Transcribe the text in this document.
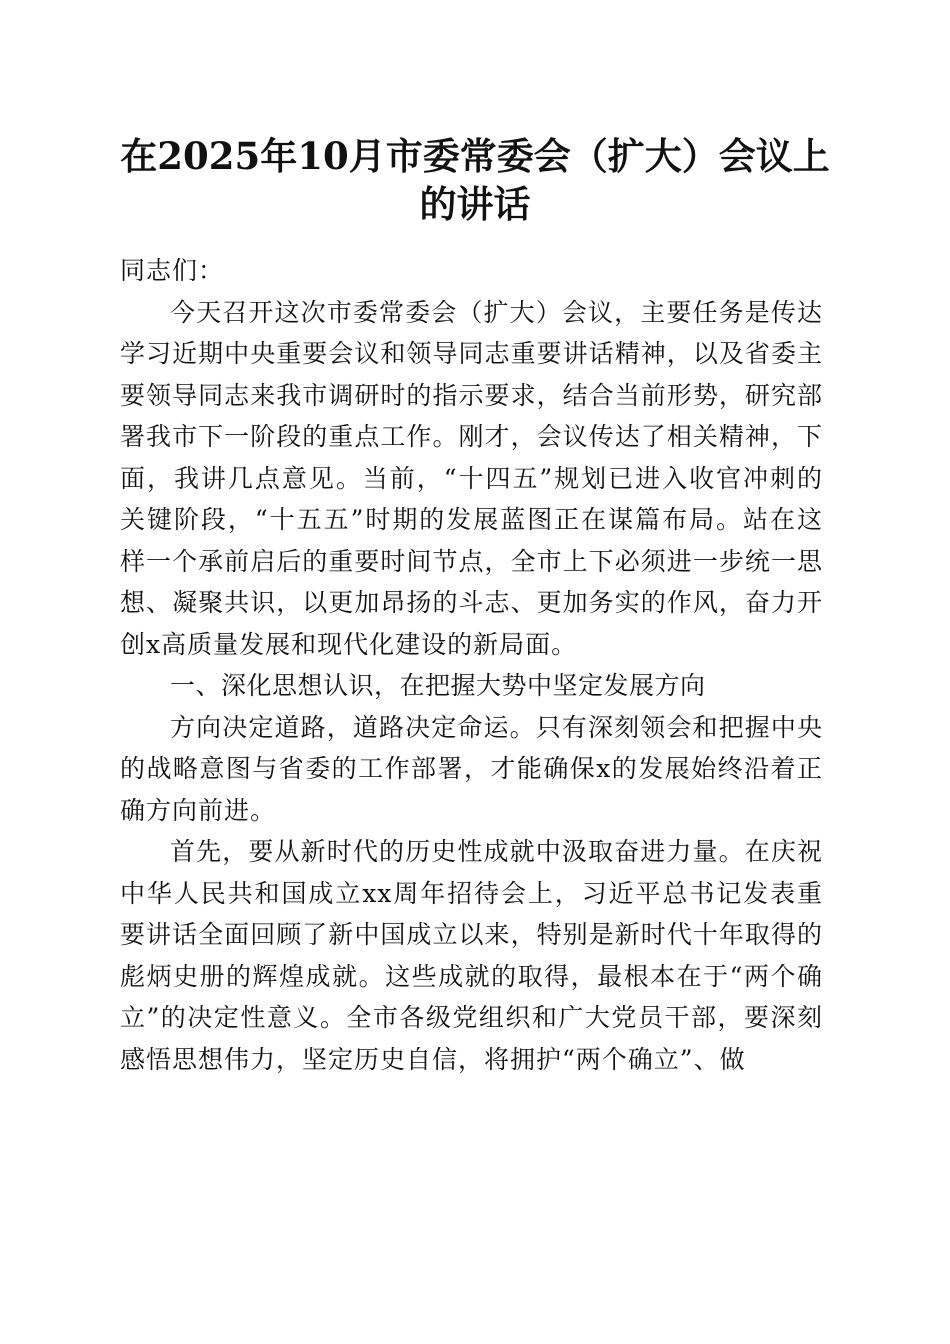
在2025年10月市委常委会（扩大）会议上的讲话

同志们：

今天召开这次市委常委会（扩大）会议，主要任务是传达学习近期中央重要会议和领导同志重要讲话精神，以及省委主要领导同志来我市调研时的指示要求，结合当前形势，研究部署我市下一阶段的重点工作。刚才，会议传达了相关精神，下面，我讲几点意见。当前，“十四五”规划已进入收官冲刺的关键阶段，“十五五”时期的发展蓝图正在谋篇布局。站在这样一个承前启后的重要时间节点，全市上下必须进一步统一思想、凝聚共识，以更加昂扬的斗志、更加务实的作风，奋力开创x高质量发展和现代化建设的新局面。

一、深化思想认识，在把握大势中坚定发展方向

方向决定道路，道路决定命运。只有深刻领会和把握中央的战略意图与省委的工作部署，才能确保x的发展始终沿着正确方向前进。

首先，要从新时代的历史性成就中汲取奋进力量。在庆祝中华人民共和国成立xx周年招待会上，习近平总书记发表重要讲话全面回顾了新中国成立以来，特别是新时代十年取得的彪炳史册的辉煌成就。这些成就的取得，最根本在于“两个确立”的决定性意义。全市各级党组织和广大党员干部，要深刻感悟思想伟力，坚定历史自信，将拥护“两个确立”、做
